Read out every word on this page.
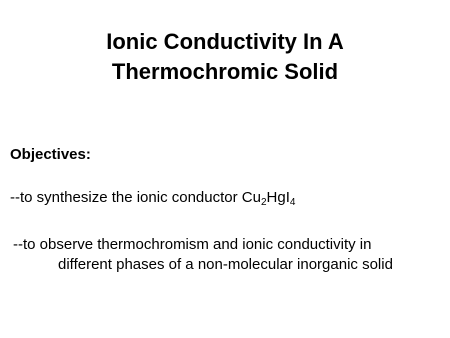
Ionic Conductivity In A
Thermochromic Solid
Objectives:
--to synthesize the ionic conductor $Cu_2HgI_4$
--to observe thermochromism and ionic conductivity in
different phases of a non-molecular inorganic solid
